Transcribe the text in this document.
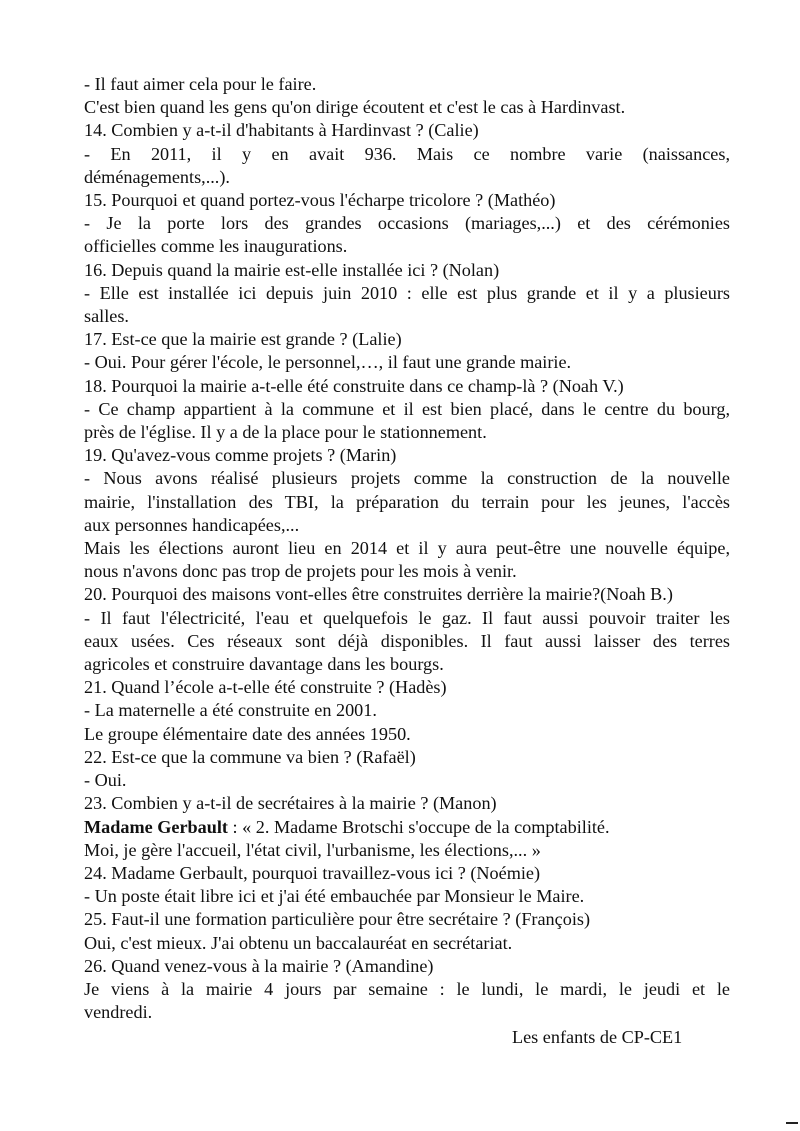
- Il faut aimer cela pour le faire.
C'est bien quand les gens qu'on dirige écoutent et c'est le cas à Hardinvast.
14. Combien y a-t-il d'habitants à Hardinvast ? (Calie)
- En 2011, il y en avait 936. Mais ce nombre varie (naissances,
déménagements,...).
15. Pourquoi et quand portez-vous l'écharpe tricolore ? (Mathéo)
- Je la porte lors des grandes occasions (mariages,...) et des cérémonies
officielles comme les inaugurations.
16. Depuis quand la mairie est-elle installée ici ? (Nolan)
- Elle est installée ici depuis juin 2010 : elle est plus grande et il y a plusieurs
salles.
17. Est-ce que la mairie est grande ? (Lalie)
- Oui. Pour gérer l'école, le personnel,…, il faut une grande mairie.
18. Pourquoi la mairie a-t-elle été construite dans ce champ-là ? (Noah V.)
- Ce champ appartient à la commune et il est bien placé, dans le centre du bourg,
près de l'église. Il y a de la place pour le stationnement.
19. Qu'avez-vous comme projets ? (Marin)
- Nous avons réalisé plusieurs projets comme la construction de la nouvelle
mairie, l'installation des TBI, la préparation du terrain pour les jeunes, l'accès
aux personnes handicapées,...
Mais les élections auront lieu en 2014 et il y aura peut-être une nouvelle équipe,
nous n'avons donc pas trop de projets pour les mois à venir.
20. Pourquoi des maisons vont-elles être construites derrière la mairie?(Noah B.)
- Il faut l'électricité, l'eau et quelquefois le gaz. Il faut aussi pouvoir traiter les
eaux usées. Ces réseaux sont déjà disponibles. Il faut aussi laisser des terres
agricoles et construire davantage dans les bourgs.
21. Quand l’école a-t-elle été construite ? (Hadès)
- La maternelle a été construite en 2001.
Le groupe élémentaire date des années 1950.
22. Est-ce que la commune va bien ? (Rafaël)
- Oui.
23. Combien y a-t-il de secrétaires à la mairie ? (Manon)
Madame Gerbault : « 2. Madame Brotschi s'occupe de la comptabilité.
Moi, je gère l'accueil, l'état civil, l'urbanisme, les élections,... »
24. Madame Gerbault, pourquoi travaillez-vous ici ? (Noémie)
- Un poste était libre ici et j'ai été embauchée par Monsieur le Maire.
25. Faut-il une formation particulière pour être secrétaire ? (François)
Oui, c'est mieux. J'ai obtenu un baccalauréat en secrétariat.
26. Quand venez-vous à la mairie ? (Amandine)
Je viens à la mairie 4 jours par semaine : le lundi, le mardi, le jeudi et le
vendredi.
Les enfants de CP-CE1
